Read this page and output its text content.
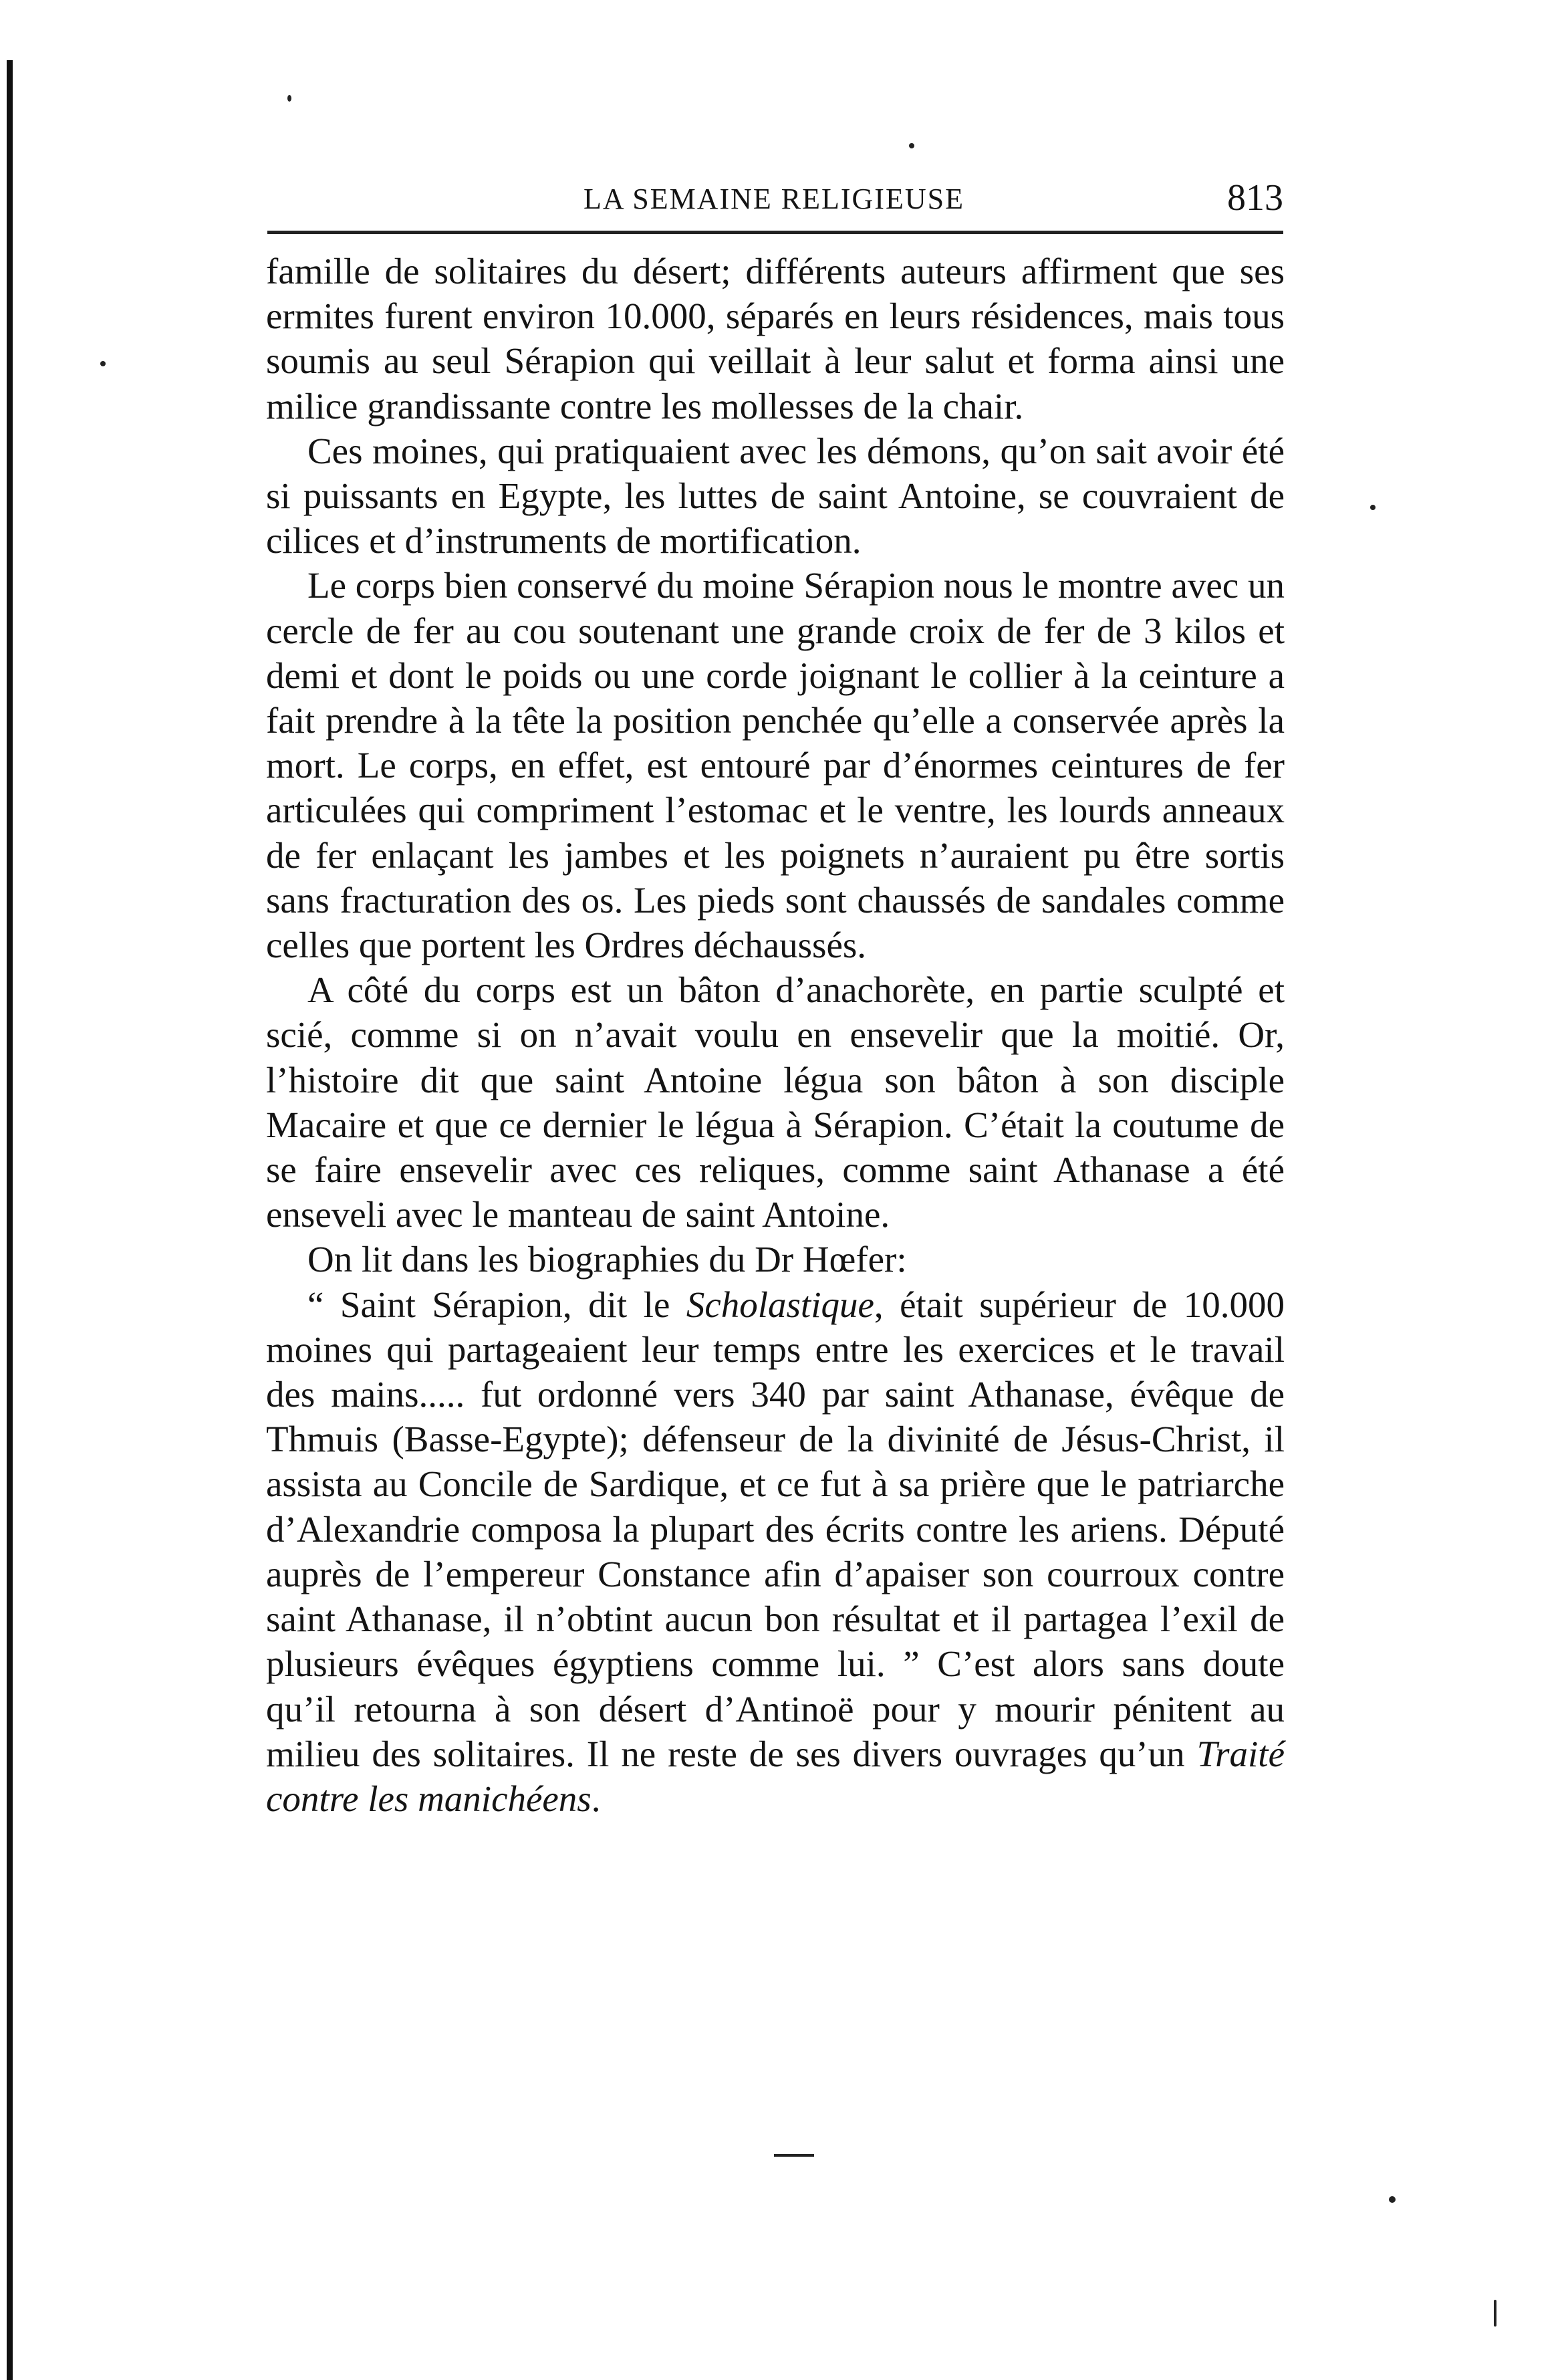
LA SEMAINE RELIGIEUSE	813

famille de solitaires du désert; différents auteurs affirment que ses ermites furent environ 10.000, séparés en leurs résidences, mais tous soumis au seul Sérapion qui veillait à leur salut et forma ainsi une milice grandissante contre les mollesses de la chair.

Ces moines, qui pratiquaient avec les démons, qu’on sait avoir été si puissants en Egypte, les luttes de saint Antoine, se couvraient de cilices et d’instruments de mortification.

Le corps bien conservé du moine Sérapion nous le montre avec un cercle de fer au cou soutenant une grande croix de fer de 3 kilos et demi et dont le poids ou une corde joignant le collier à la ceinture a fait prendre à la tête la position penchée qu’elle a conservée après la mort. Le corps, en effet, est entouré par d’énormes ceintures de fer articulées qui compriment l’estomac et le ventre, les lourds anneaux de fer enlaçant les jambes et les poignets n’auraient pu être sortis sans fracturation des os. Les pieds sont chaussés de sandales comme celles que portent les Ordres déchaussés.

A côté du corps est un bâton d’anachorète, en partie sculpté et scié, comme si on n’avait voulu en ensevelir que la moitié. Or, l’histoire dit que saint Antoine légua son bâton à son disciple Macaire et que ce dernier le légua à Sérapion. C’était la coutume de se faire ensevelir avec ces reliques, comme saint Athanase a été enseveli avec le manteau de saint Antoine.

On lit dans les biographies du Dr Hœfer:

“ Saint Sérapion, dit le Scholastique, était supérieur de 10.000 moines qui partageaient leur temps entre les exercices et le travail des mains..... fut ordonné vers 340 par saint Athanase, évêque de Thmuis (Basse-Egypte); défenseur de la divinité de Jésus-Christ, il assista au Concile de Sardique, et ce fut à sa prière que le patriarche d’Alexandrie composa la plupart des écrits contre les ariens. Député auprès de l’empereur Constance afin d’apaiser son courroux contre saint Athanase, il n’obtint aucun bon résultat et il partagea l’exil de plusieurs évêques égyptiens comme lui. ” C’est alors sans doute qu’il retourna à son désert d’Antinoë pour y mourir pénitent au milieu des solitaires. Il ne reste de ses divers ouvrages qu’un Traité contre les manichéens.
